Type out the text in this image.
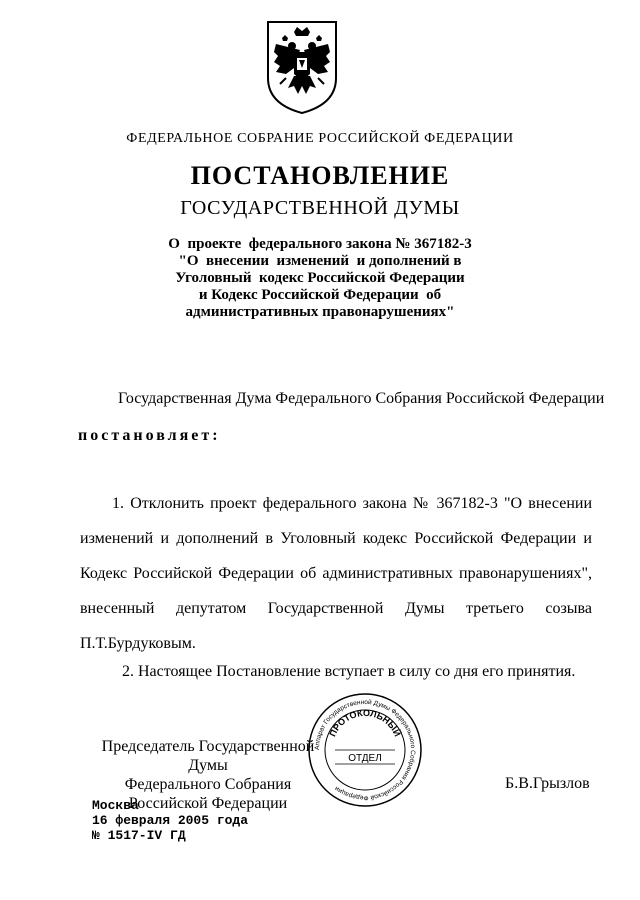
ФЕДЕРАЛЬНОЕ СОБРАНИЕ РОССИЙСКОЙ ФЕДЕРАЦИИ
ПОСТАНОВЛЕНИЕ
ГОСУДАРСТВЕННОЙ ДУМЫ
О  проекте  федерального закона № 367182-3
"О  внесении  изменений  и дополнений в
Уголовный  кодекс Российской Федерации
и Кодекс Российской Федерации  об
административных правонарушениях"
Государственная Дума Федерального Собрания Российской Федерации
постановляет:
1. Отклонить проект федерального закона № 367182-3 "О внесении
изменений и дополнений в Уголовный кодекс Российской Федерации и
Кодекс Российской Федерации об административных правонарушениях",
внесенный депутатом Государственной Думы третьего созыва
П.Т.Бурдуковым.
2. Настоящее Постановление вступает в силу со дня его принятия.
Председатель Государственной Думы
Федерального Собрания
Российской Федерации
Аппарат Государственной Думы Федерального Собрания Российской Федерации
ПРОТОКОЛЬНЫЙ
ОТДЕЛ
Б.В.Грызлов
Москва
16 февраля 2005 года
№ 1517-IV ГД
